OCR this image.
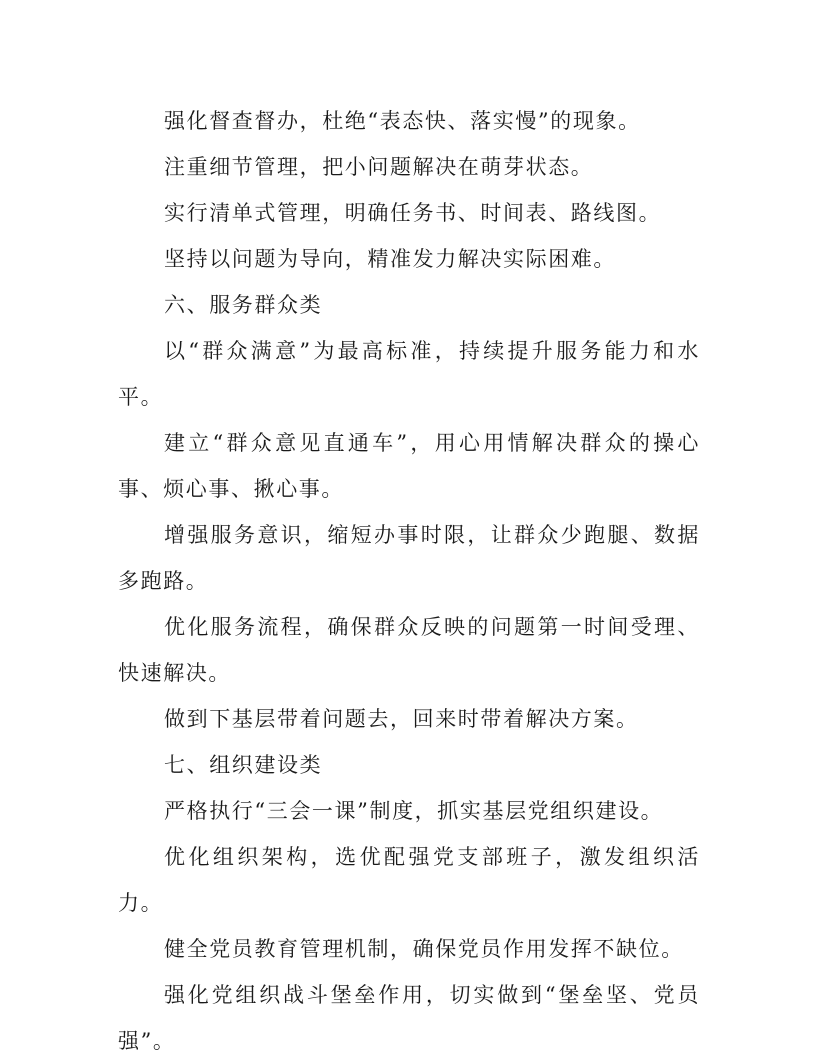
强化督查督办，杜绝“表态快、落实慢”的现象。

注重细节管理，把小问题解决在萌芽状态。

实行清单式管理，明确任务书、时间表、路线图。

坚持以问题为导向，精准发力解决实际困难。

六、服务群众类

以“群众满意”为最高标准，持续提升服务能力和水平。

建立“群众意见直通车”，用心用情解决群众的操心事、烦心事、揪心事。

增强服务意识，缩短办事时限，让群众少跑腿、数据多跑路。

优化服务流程，确保群众反映的问题第一时间受理、快速解决。

做到下基层带着问题去，回来时带着解决方案。

七、组织建设类

严格执行“三会一课”制度，抓实基层党组织建设。

优化组织架构，选优配强党支部班子，激发组织活力。

健全党员教育管理机制，确保党员作用发挥不缺位。

强化党组织战斗堡垒作用，切实做到“堡垒坚、党员强”。
